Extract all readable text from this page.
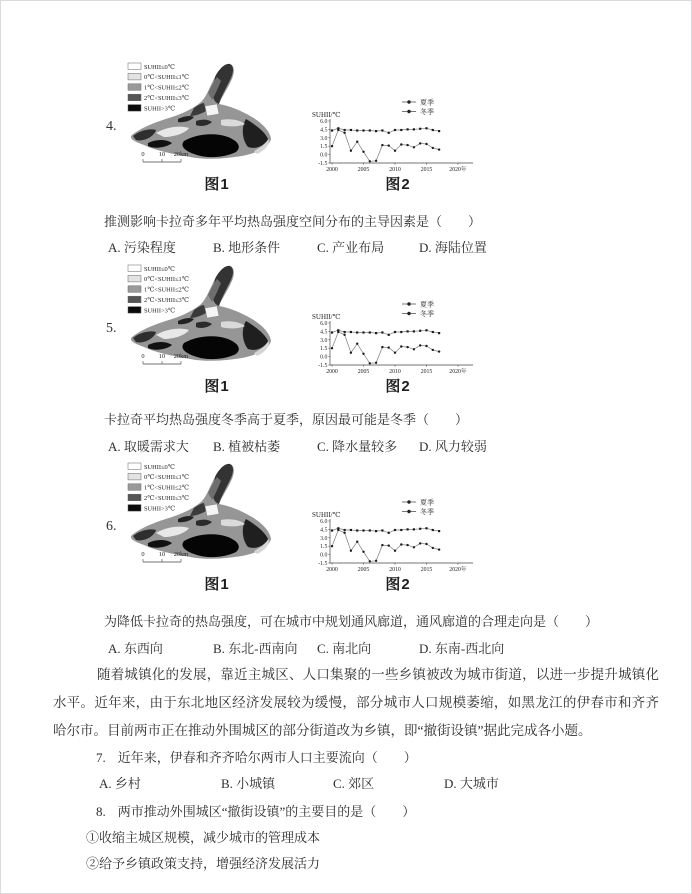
4.
SUHII≤0℃
0℃<SUHII≤1℃
1℃<SUHII≤2℃
2℃<SUHII≤3℃
SUHII>3℃
0 10 20km
夏季
冬季
SUHII/℃
6.0
4.5
3.0
1.5
0.0
-1.5
2000	2005	2010	2015	2020年
图1	图2

推测影响卡拉奇多年平均热岛强度空间分布的主导因素是（　　）

A. 污染程度	B. 地形条件	C. 产业布局	D. 海陆位置
5.
SUHII≤0℃
0℃<SUHII≤1℃
1℃<SUHII≤2℃
2℃<SUHII≤3℃
SUHII>3℃
0 10 20km
夏季
冬季
SUHII/℃
6.0
4.5
3.0
1.5
0.0
-1.5
2000	2005	2010	2015	2020年
图1	图2

卡拉奇平均热岛强度冬季高于夏季，原因最可能是冬季（　　）

A. 取暖需求大	B. 植被枯萎	C. 降水量较多	D. 风力较弱
6.
SUHII≤0℃
0℃<SUHII≤1℃
1℃<SUHII≤2℃
2℃<SUHII≤3℃
SUHII>3℃
0 10 20km
夏季
冬季
SUHII/℃
6.0
4.5
3.0
1.5
0.0
-1.5
2000	2005	2010	2015	2020年
图1	图2

为降低卡拉奇的热岛强度，可在城市中规划通风廊道，通风廊道的合理走向是（　　）

A. 东西向	B. 东北-西南向	C. 南北向	D. 东南-西北向

随着城镇化的发展，靠近主城区、人口集聚的一些乡镇被改为城市街道，以进一步提升城镇化水平。近年来，由于东北地区经济发展较为缓慢，部分城市人口规模萎缩，如黑龙江的伊春市和齐齐哈尔市。目前两市正在推动外围城区的部分街道改为乡镇，即“撤街设镇”据此完成各小题。

7. 近年来，伊春和齐齐哈尔两市人口主要流向（　　）

A. 乡村	B. 小城镇	C. 郊区	D. 大城市

8. 两市推动外围城区“撤街设镇”的主要目的是（　　）

①收缩主城区规模，减少城市的管理成本

②给予乡镇政策支持，增强经济发展活力
